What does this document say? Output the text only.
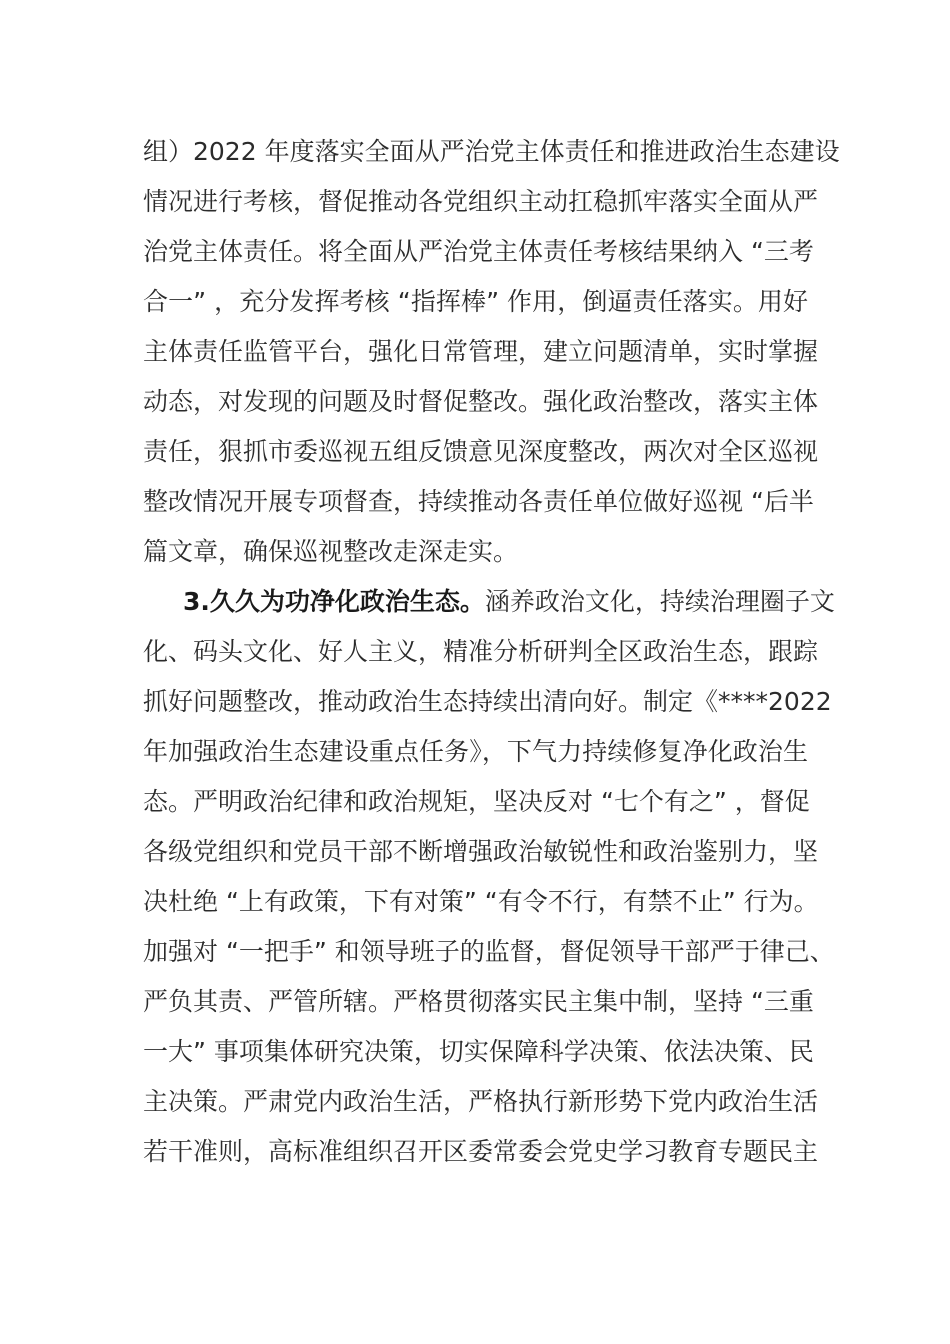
组）2022 年度落实全面从严治党主体责任和推进政治生态建设
情况进行考核，督促推动各党组织主动扛稳抓牢落实全面从严
治党主体责任。将全面从严治党主体责任考核结果纳入 “三考
合一” ，充分发挥考核 “指挥棒” 作用，倒逼责任落实。用好
主体责任监管平台，强化日常管理，建立问题清单，实时掌握
动态，对发现的问题及时督促整改。强化政治整改，落实主体
责任，狠抓市委巡视五组反馈意见深度整改，两次对全区巡视
整改情况开展专项督查，持续推动各责任单位做好巡视 “后半
篇文章，确保巡视整改走深走实。
3.久久为功净化政治生态。涵养政治文化，持续治理圈子文
化、码头文化、好人主义，精准分析研判全区政治生态，跟踪
抓好问题整改，推动政治生态持续出清向好。制定《****2022
年加强政治生态建设重点任务》，下气力持续修复净化政治生
态。严明政治纪律和政治规矩，坚决反对 “七个有之” ，督促
各级党组织和党员干部不断增强政治敏锐性和政治鉴别力，坚
决杜绝 “上有政策，下有对策” “有令不行，有禁不止” 行为。
加强对 “一把手” 和领导班子的监督，督促领导干部严于律己、
严负其责、严管所辖。严格贯彻落实民主集中制，坚持 “三重
一大” 事项集体研究决策，切实保障科学决策、依法决策、民
主决策。严肃党内政治生活，严格执行新形势下党内政治生活
若干准则，高标准组织召开区委常委会党史学习教育专题民主
